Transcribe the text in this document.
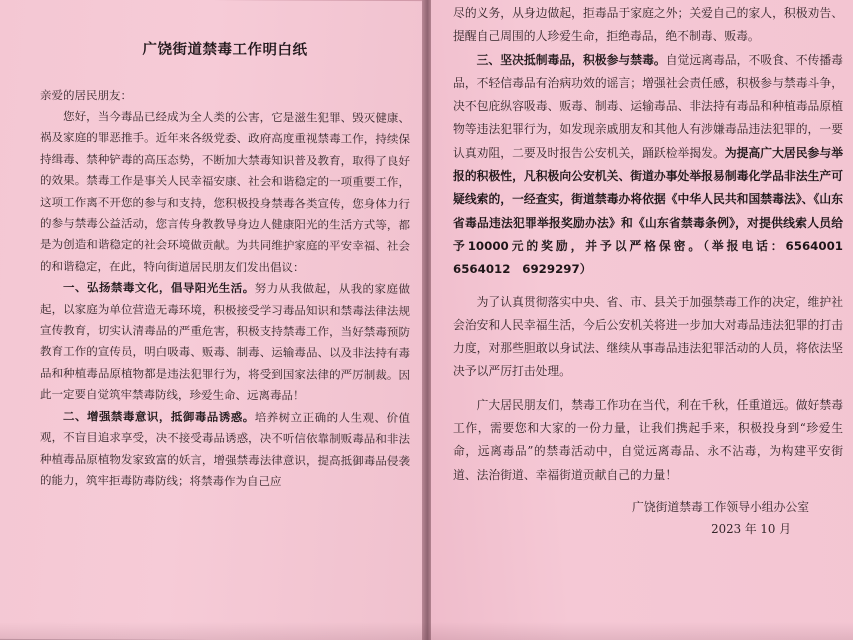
广饶街道禁毒工作明白纸

亲爱的居民朋友：

您好，当今毒品已经成为全人类的公害，它是滋生犯罪、毁灭健康、祸及家庭的罪恶推手。近年来各级党委、政府高度重视禁毒工作，持续保持缉毒、禁种铲毒的高压态势，不断加大禁毒知识普及教育，取得了良好的效果。禁毒工作是事关人民幸福安康、社会和谐稳定的一项重要工作，这项工作离不开您的参与和支持，您积极投身禁毒各类宣传，您身体力行的参与禁毒公益活动，您言传身教教导身边人健康阳光的生活方式等，都是为创造和谐稳定的社会环境做贡献。为共同维护家庭的平安幸福、社会的和谐稳定，在此，特向街道居民朋友们发出倡议：

一、弘扬禁毒文化，倡导阳光生活。努力从我做起，从我的家庭做起，以家庭为单位营造无毒环境，积极接受学习毒品知识和禁毒法律法规宣传教育，切实认清毒品的严重危害，积极支持禁毒工作，当好禁毒预防教育工作的宣传员，明白吸毒、贩毒、制毒、运输毒品、以及非法持有毒品和种植毒品原植物都是违法犯罪行为，将受到国家法律的严厉制裁。因此一定要自觉筑牢禁毒防线，珍爱生命、远离毒品！

二、增强禁毒意识，抵御毒品诱惑。培养树立正确的人生观、价值观，不盲目追求享受，决不接受毒品诱惑，决不听信依靠制贩毒品和非法种植毒品原植物发家致富的妖言，增强禁毒法律意识，提高抵御毒品侵袭的能力，筑牢拒毒防毒防线；将禁毒作为自己应

尽的义务，从身边做起，拒毒品于家庭之外；关爱自己的家人，积极劝告、提醒自己周围的人珍爱生命，拒绝毒品，绝不制毒、贩毒。

三、坚决抵制毒品，积极参与禁毒。自觉远离毒品，不吸食、不传播毒品，不轻信毒品有治病功效的谣言；增强社会责任感，积极参与禁毒斗争，决不包庇纵容吸毒、贩毒、制毒、运输毒品、非法持有毒品和种植毒品原植物等违法犯罪行为，如发现亲戚朋友和其他人有涉嫌毒品违法犯罪的，一要认真劝阻，二要及时报告公安机关，踊跃检举揭发。为提高广大居民参与举报的积极性，凡积极向公安机关、街道办事处举报易制毒化学品非法生产可疑线索的，一经查实，街道禁毒办将依据《中华人民共和国禁毒法》、《山东省毒品违法犯罪举报奖励办法》和《山东省禁毒条例》，对提供线索人员给予10000元的奖励，并予以严格保密。（举报电话：6564001 6564012　6929297）

为了认真贯彻落实中央、省、市、县关于加强禁毒工作的决定，维护社会治安和人民幸福生活，今后公安机关将进一步加大对毒品违法犯罪的打击力度，对那些胆敢以身试法、继续从事毒品违法犯罪活动的人员，将依法坚决予以严厉打击处理。

广大居民朋友们，禁毒工作功在当代，利在千秋，任重道远。做好禁毒工作，需要您和大家的一份力量，让我们携起手来，积极投身到“珍爱生命，远离毒品”的禁毒活动中，自觉远离毒品、永不沾毒，为构建平安街道、法治街道、幸福街道贡献自己的力量！

广饶街道禁毒工作领导小组办公室

2023 年 10 月
